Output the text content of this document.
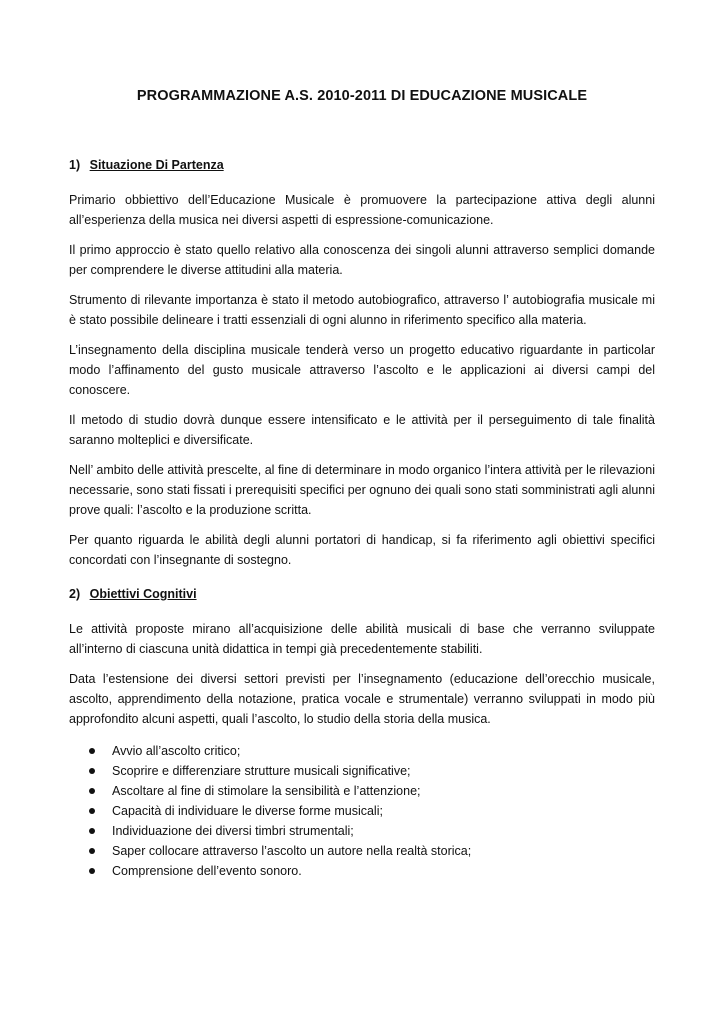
PROGRAMMAZIONE A.S. 2010-2011 DI EDUCAZIONE MUSICALE
1) Situazione Di Partenza

Primario obbiettivo dell’Educazione Musicale è promuovere la partecipazione attiva degli alunni all’esperienza della musica nei diversi aspetti di espressione-comunicazione.

Il primo approccio è stato quello relativo alla conoscenza dei singoli alunni attraverso semplici domande per comprendere le diverse attitudini alla materia.

Strumento di rilevante importanza è stato il metodo autobiografico, attraverso l’ autobiografia musicale mi è stato possibile delineare i tratti essenziali di ogni alunno in riferimento specifico alla materia.

L’insegnamento della disciplina musicale tenderà verso un progetto educativo riguardante in particolar modo l’affinamento del gusto musicale attraverso l’ascolto e le applicazioni ai diversi campi del conoscere.

Il metodo di studio dovrà dunque essere intensificato e le attività per il perseguimento di tale finalità saranno molteplici e diversificate.

Nell’ ambito delle attività prescelte, al fine di determinare in modo organico l’intera attività per le rilevazioni necessarie, sono stati fissati i prerequisiti specifici per ognuno dei quali sono stati somministrati agli alunni prove quali: l’ascolto e la produzione scritta.

Per quanto riguarda le abilità degli alunni portatori di handicap, si fa riferimento agli obiettivi specifici concordati con l’insegnante di sostegno.

2) Obiettivi Cognitivi

Le attività proposte mirano all’acquisizione delle abilità musicali di base che verranno sviluppate all’interno di ciascuna unità didattica in tempi già precedentemente stabiliti.

Data l’estensione dei diversi settori previsti per l’insegnamento (educazione dell’orecchio musicale, ascolto, apprendimento della notazione, pratica vocale e strumentale) verranno sviluppati in modo più approfondito alcuni aspetti, quali l’ascolto, lo studio della storia della musica.

Avvio all’ascolto critico;
Scoprire e differenziare strutture musicali significative;
Ascoltare al fine di stimolare la sensibilità e l’attenzione;
Capacità di individuare le diverse forme musicali;
Individuazione dei diversi timbri strumentali;
Saper collocare attraverso l’ascolto un autore nella realtà storica;
Comprensione dell’evento sonoro.
